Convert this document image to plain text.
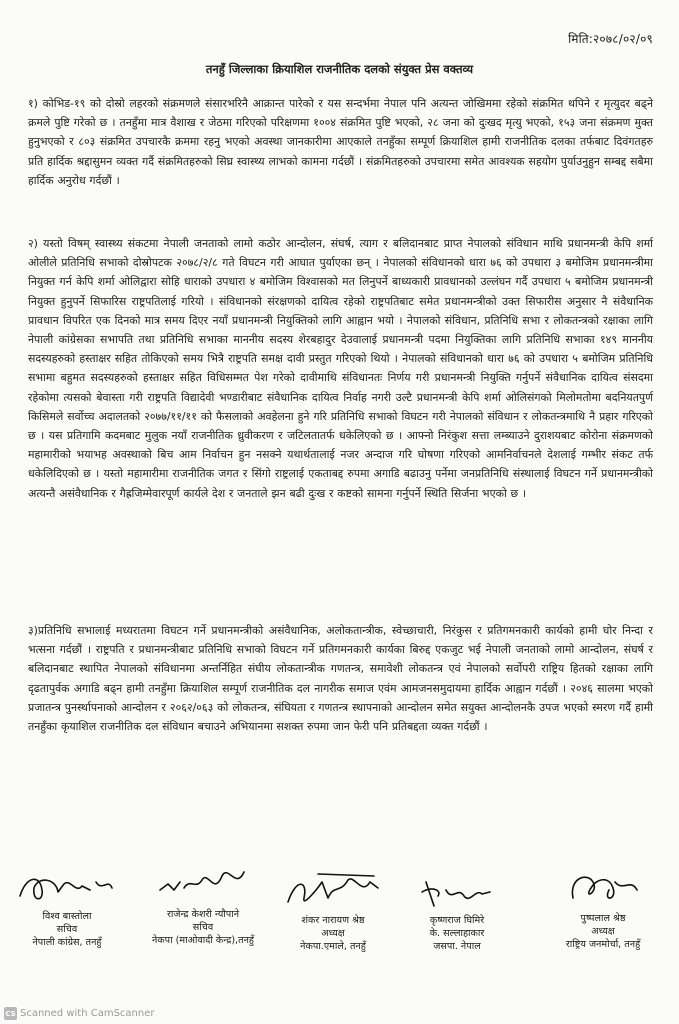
मिति:२०७८/०२/०९
तनहुँ जिल्लाका क्रियाशिल राजनीतिक दलको संयुक्त प्रेस वक्तव्य
१) कोभिड-१९ को दोस्रो लहरको संक्रमणले संसारभरिनै आक्रान्त पारेको र यस सन्दर्भमा नेपाल पनि अत्यन्त जोखिममा रहेको संक्रमित थपिने र मृत्युदर बढ्ने क्रमले पुष्टि गरेको छ । तनहुँमा मात्र वैशाख र जेठमा गरिएको परिक्षणमा १००४ संक्रमित पुष्टि भएको, २८ जना को दुःखद मृत्यु भएको, १५३ जना संक्रमण मुक्त हुनुभएको र ८०३ संक्रमित उपचारकै क्रममा रहनु भएको अवस्था जानकारीमा आएकाले तनहुँका सम्पूर्ण क्रियाशिल हामी राजनीतिक दलका तर्फबाट दिवंगतहरु प्रति हार्दिक श्रद्दासुमन व्यक्त गर्दै संक्रमितहरुको सिघ्र स्वास्थ्य लाभको कामना गर्दछौं । संक्रमितहरुको उपचारमा समेत आवश्यक सहयोग पुर्याउनुहुन सम्बद्द सबैमा हार्दिक अनुरोध गर्दछौं ।
२) यस्तो विषम् स्वास्थ्य संकटमा नेपाली जनताको लामो कठोर आन्दोलन, संघर्ष, त्याग र बलिदानबाट प्राप्त नेपालको संविधान माथि प्रधानमन्त्री केपि शर्मा ओलीले प्रतिनिधि सभाको दोस्रोपटक २०७८/२/८ गते विघटन गरी आघात पुर्याएका छन् । नेपालको संविधानको धारा ७६ को उपधारा ३ बमोजिम प्रधानमन्त्रीमा नियुक्त गर्न केपि शर्मा ओलिद्वारा सोहि धाराको उपधारा ४ बमोजिम विश्वासको मत लिनुपर्ने बाध्यकारी प्रावधानको उल्लंघन गर्दै उपधारा ५ बमोजिम प्रधानमन्त्री नियुक्त हुनुपर्ने सिफारिस राष्ट्रपतिलाई गरियो । संविधानको संरक्षणको दायित्व रहेको राष्ट्रपतिबाट समेत प्रधानमन्त्रीको उक्त सिफारीस अनुसार नै संवैधानिक प्रावधान विपरित एक दिनको मात्र समय दिएर नयाँ प्रधानमन्त्री नियुक्तिको लागि आह्वान भयो । नेपालको संविधान, प्रतिनिधि सभा र लोकतन्त्रको रक्षाका लागि नेपाली कांग्रेसका सभापति तथा प्रतिनिधि सभाका माननीय सदस्य शेरबहादुर देउवालाई प्रधानमन्त्री पदमा नियुक्तिका लागि प्रतिनिधि सभाका १४९ माननीय सदस्यहरुको हस्ताक्षर सहित तोकिएको समय भित्रै राष्ट्रपति समक्ष दावी प्रस्तुत गरिएको थियो । नेपालको संविधानको धारा ७६ को उपधारा ५ बमोजिम प्रतिनिधि सभामा बहुमत सदस्यहरुको हस्ताक्षर सहित विधिसम्मत पेश गरेको दावीमाथि संविधानतः निर्णय गरी प्रधानमन्त्री नियुक्ति गर्नुपर्ने संवैधानिक दायित्व संसदमा रहेकोमा त्यसको बेवास्ता गरी राष्ट्रपति विद्यादेवी भण्डारीबाट संवैधानिक दायित्व निर्वाह नगरी उल्टै प्रधानमन्त्री केपि शर्मा ओलिसंगको मिलोमतोमा बदनियतपुर्ण किसिमले सर्वोच्च अदालतको २०७७/११/११ को फैसलाको अवहेलना हुने गरि प्रतिनिधि सभाको विघटन गरी नेपालको संविधान र लोकतन्त्रमाथि नै प्रहार गरिएको छ । यस प्रतिगामि कदमबाट मुलुक नयाँ राजनीतिक ध्रुवीकरण र जटिलतातर्फ धकेलिएको छ । आफ्नो निरंकुश सत्ता लम्ब्याउने दुराशयबाट कोरोना संक्रमणको महामारीको भयाभह अवस्थाको बिच आम निर्वाचन हुन नसक्ने यथार्थतालाई नजर अन्दाज गरि घोषणा गरिएको आमनिर्वाचनले देशलाई गम्भीर संकट तर्फ धकेलिदिएको छ । यस्तो महामारीमा राजनीतिक जगत र सिंगो राष्ट्रलाई एकताबद्द रुपमा अगाडि बढाउनु पर्नेमा जनप्रतिनिधि संस्थालाई विघटन गर्ने प्रधानमन्त्रीको अत्यन्तै असंवैधानिक र गैह्रजिम्मेवारपूर्ण कार्यले देश र जनताले झन बढी दुःख र कष्टको सामना गर्नुपर्ने स्थिति सिर्जना भएको छ ।
३)प्रतिनिधि सभालाई मध्यरातमा विघटन गर्ने प्रधानमन्त्रीको असंवैधानिक, अलोकतान्त्रीक, स्वेच्छाचारी, निरंकुस र प्रतिगमनकारी कार्यको हामी घोर निन्दा र भत्सना गर्दछौं । राष्ट्रपति र प्रधानमन्त्रीबाट प्रतिनिधि सभाको विघटन गर्ने प्रतिगमनकारी कार्यका बिरुद्द एकजुट भई नेपाली जनताको लामो आन्दोलन, संघर्ष र बलिदानबाट स्थापित नेपालको संविधानमा अन्तर्निहित संघीय लोकतान्त्रीक गणतन्त्र, समावेशी लोकतन्त्र एवं नेपालको सर्वोपरी राष्ट्रिय हितको रक्षाका लागि दृढतापुर्वक अगाडि बढ्न हामी तनहुँमा क्रियाशिल सम्पूर्ण राजनीतिक दल नागरीक समाज एवंम आमजनसमुदायमा हार्दिक आह्वान गर्दछौं । २०४६ सालमा भएको प्रजातन्त्र पुनर्स्थापनाको आन्दोलन र २०६२/०६३ को लोकतन्त्र, संघियता र गणतन्त्र स्थापनाको आन्दोलन समेत सयुक्त आन्दोलनकै उपज भएको स्मरण गर्दै हामी तनहुँका कृयाशिल राजनीतिक दल संविधान बचाउने अभियानमा सशक्त रुपमा जान फेरी पनि प्रतिबद्दता व्यक्त गर्दछौं ।
विश्व बास्तोला
सचिव
नेपाली कांग्रेस, तनहुँ
राजेन्द्र केशरी न्यौपाने
सचिव
नेकपा (माओवादी केन्द्र),तनहुँ
शंकर नारायण श्रेष्ठ
अध्यक्ष
नेकपा.एमाले, तनहुँ
कृष्णराज घिमिरे
के. सल्लाहाकार
जसपा. नेपाल
पुष्पलाल श्रेष्ठ
अध्यक्ष
राष्ट्रिय जनमोर्चा, तनहुँ
CS Scanned with CamScanner
